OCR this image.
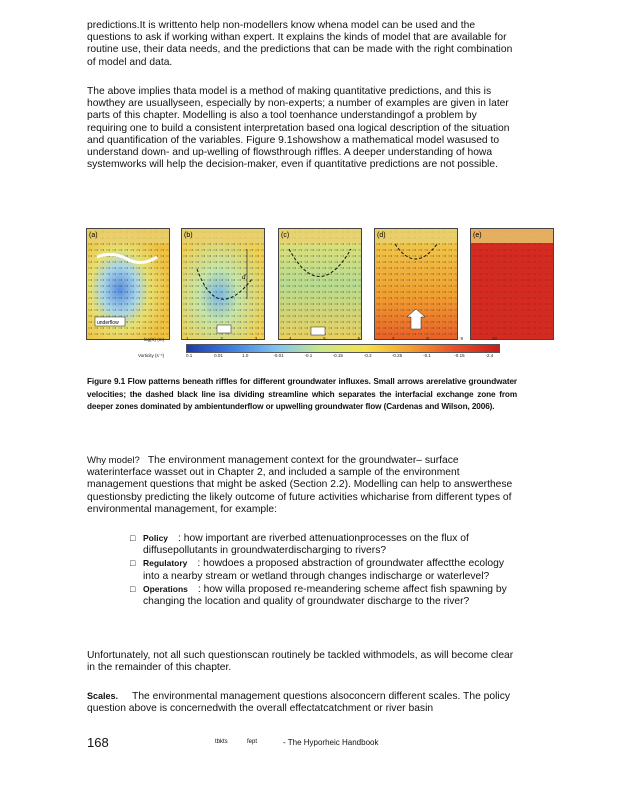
predictions.It is writtento help non-modellers know whena model can be used and the questions to ask if working withan expert. It explains the kinds of model that are available for routine use, their data needs, and the predictions that can be made with the right combination of model and data.

The above implies thata model is a method of making quantitative predictions, and this is howthey are usuallyseen, especially by non-experts; a number of examples are given in later parts of this chapter. Modelling is also a tool toenhance understandingof a problem by requiring one to build a consistent interpretation based ona logical description of the situation and quantification of the variables. Figure 9.1showshow a mathematical model wasused to understand down- and up-welling of flowsthrough riffles. A deeper understanding of howa systemworks will help the decision-maker, even if quantitative predictions are not possible.

underflow
(a)
d
(b)	(c)	(d)	(e)
log(K) (m)	1	2	3	4	5	6	7	8	9	10
Vorticity (s⁻¹)	0.1	0.01	1.0	-0.01	-0.1	-0.15	-0.2	-0.25	-0.1	-0.15	-2.4

Figure 9.1 Flow patterns beneath riffles for different groundwater influxes. Small arrows arerelative groundwater velocities; the dashed black line isa dividing streamline which separates the interfacial exchange zone from deeper zones dominated by ambientunderflow or upwelling groundwater flow (Cardenas and Wilson, 2006).

Why model? The environment management context for the groundwater– surface waterinterface wasset out in Chapter 2, and included a sample of the environment management questions that might be asked (Section 2.2). Modelling can help to answerthese questionsby predicting the likely outcome of future activities whicharise from different types of environmental management, for example:

□ Policy : how important are riverbed attenuationprocesses on the flux of diffusepollutants in groundwaterdischarging to rivers?
□ Regulatory : howdoes a proposed abstraction of groundwater affectthe ecology into a nearby stream or wetland through changes indischarge or waterlevel?
□ Operations : how willa proposed re-meandering scheme affect fish spawning by changing the location and quality of groundwater discharge to the river?

Unfortunately, not all such questionscan routinely be tackled withmodels, as will become clear in the remainder of this chapter.

Scales. The environmental management questions alsoconcern different scales. The policy question above is concernedwith the overall effectatcatchment or river basin

168	tbkts	fept	- The Hyporheic Handbook
